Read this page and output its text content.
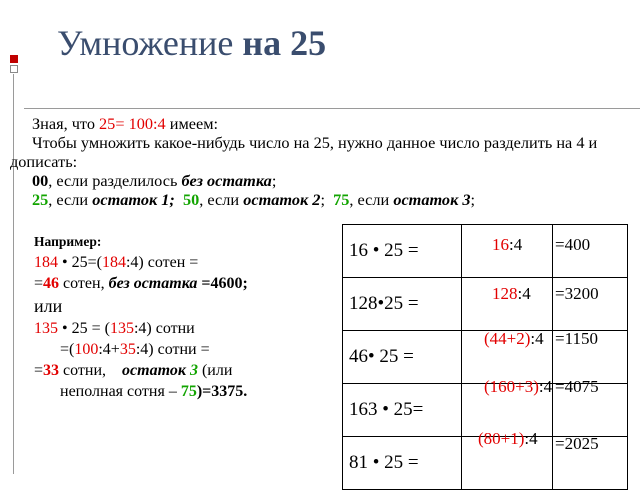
Умножение на 25

Зная, что 25= 100:4 имеем:

Чтобы умножить какое-нибудь число на 25, нужно данное число разделить на 4 и дописать:

00, если разделилось без остатка;

25, если остаток 1; 50, если остаток 2; 75, если остаток 3;

Например:

184 • 25=(184:4) сотен =

=46 сотен, без остатка =4600;

или

135 • 25 = (135:4) сотни

=(100:4+35:4) сотни =

=33 сотни,    остаток 3 (или

неполная сотня – 75)=3375.

16 • 25 =	16:4	=400

128•25 =	128:4	=3200

46• 25 =	(44+2):4	=1150

163 • 25=	(160+3):4	=4075

81 • 25 =	(80+1):4	=2025
